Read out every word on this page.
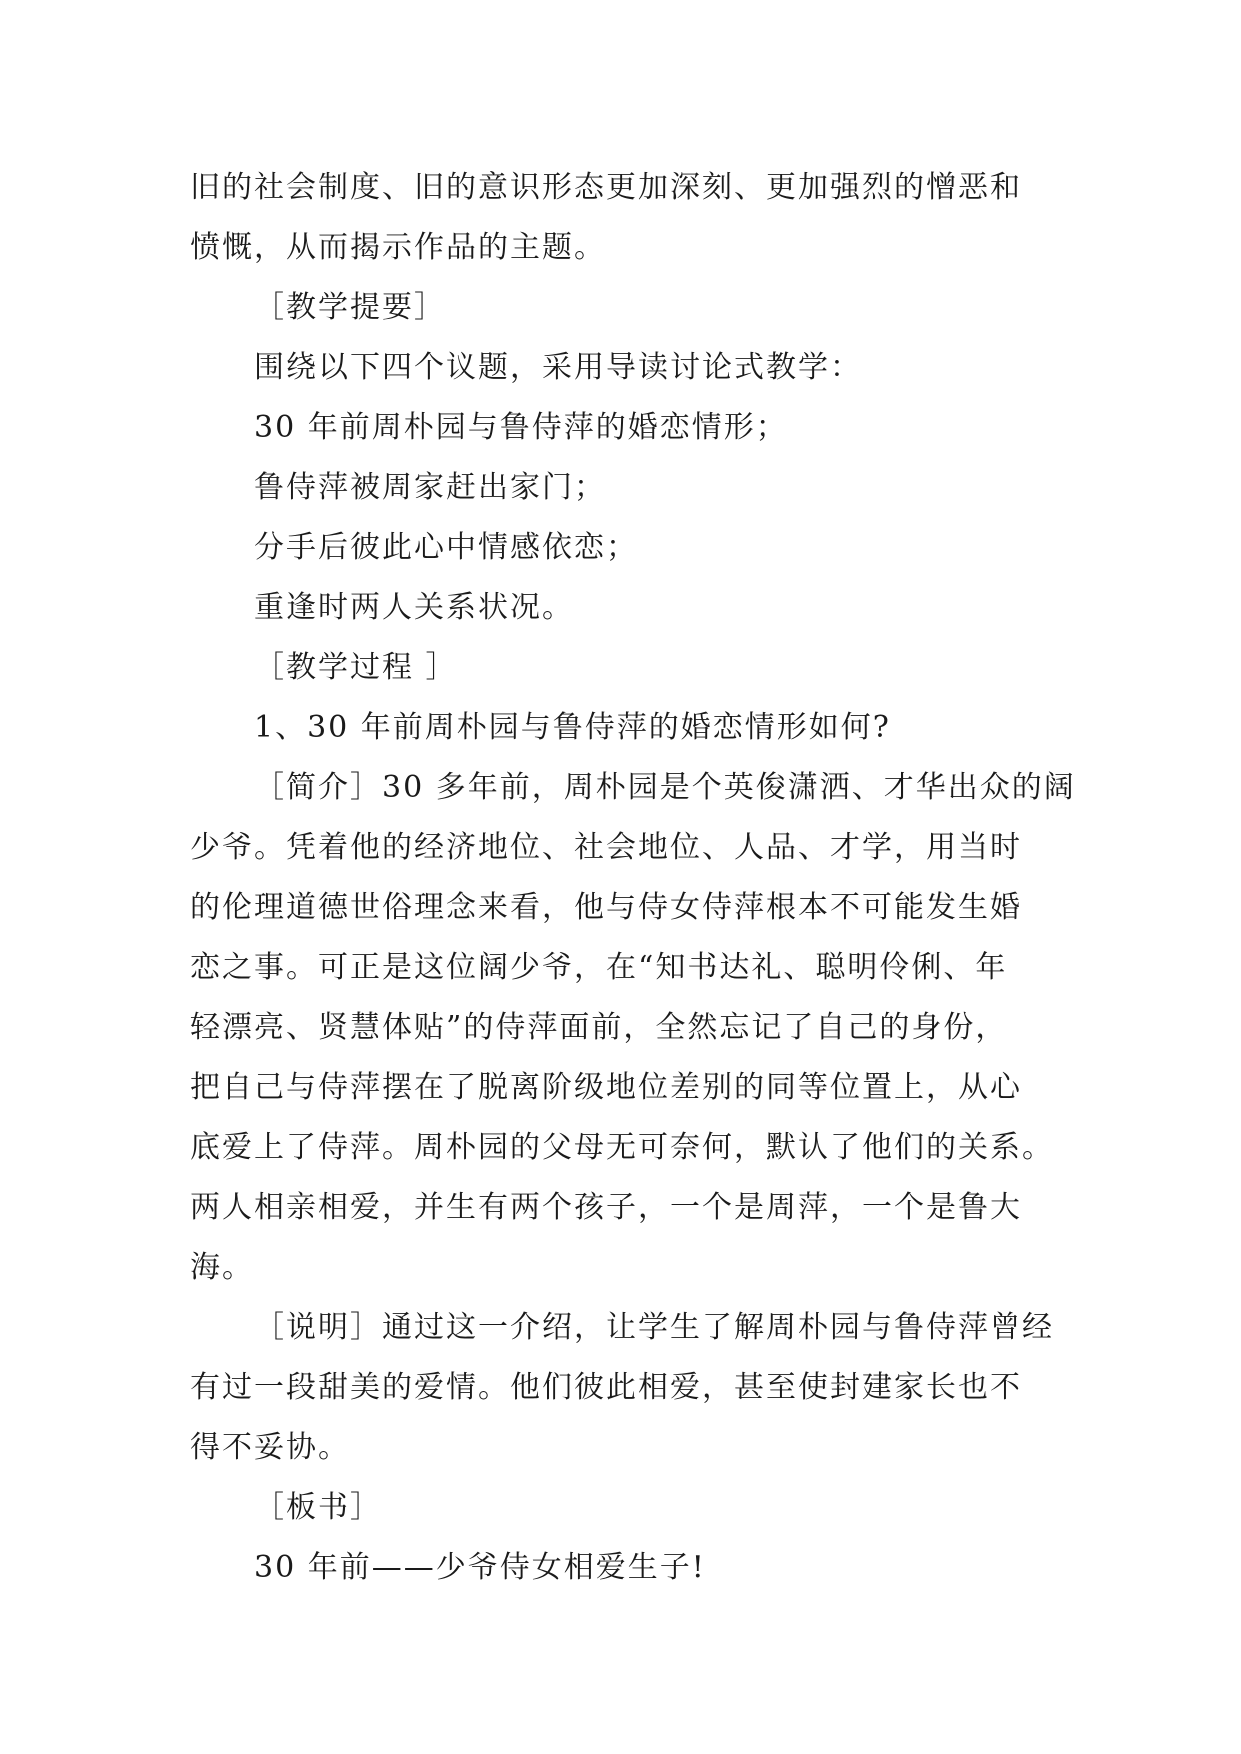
旧的社会制度、旧的意识形态更加深刻、更加强烈的憎恶和
愤慨，从而揭示作品的主题。
［教学提要］
围绕以下四个议题，采用导读讨论式教学：
30 年前周朴园与鲁侍萍的婚恋情形；
鲁侍萍被周家赶出家门；
分手后彼此心中情感依恋；
重逢时两人关系状况。
［教学过程 ］
1、30 年前周朴园与鲁侍萍的婚恋情形如何?
［简介］30 多年前，周朴园是个英俊潇洒、才华出众的阔
少爷。凭着他的经济地位、社会地位、人品、才学，用当时
的伦理道德世俗理念来看，他与侍女侍萍根本不可能发生婚
恋之事。可正是这位阔少爷，在“知书达礼、聪明伶俐、年
轻漂亮、贤慧体贴”的侍萍面前，全然忘记了自己的身份，
把自己与侍萍摆在了脱离阶级地位差别的同等位置上，从心
底爱上了侍萍。周朴园的父母无可奈何，默认了他们的关系。
两人相亲相爱，并生有两个孩子，一个是周萍，一个是鲁大
海。
［说明］通过这一介绍，让学生了解周朴园与鲁侍萍曾经
有过一段甜美的爱情。他们彼此相爱，甚至使封建家长也不
得不妥协。
［板书］
30 年前——少爷侍女相爱生子!
